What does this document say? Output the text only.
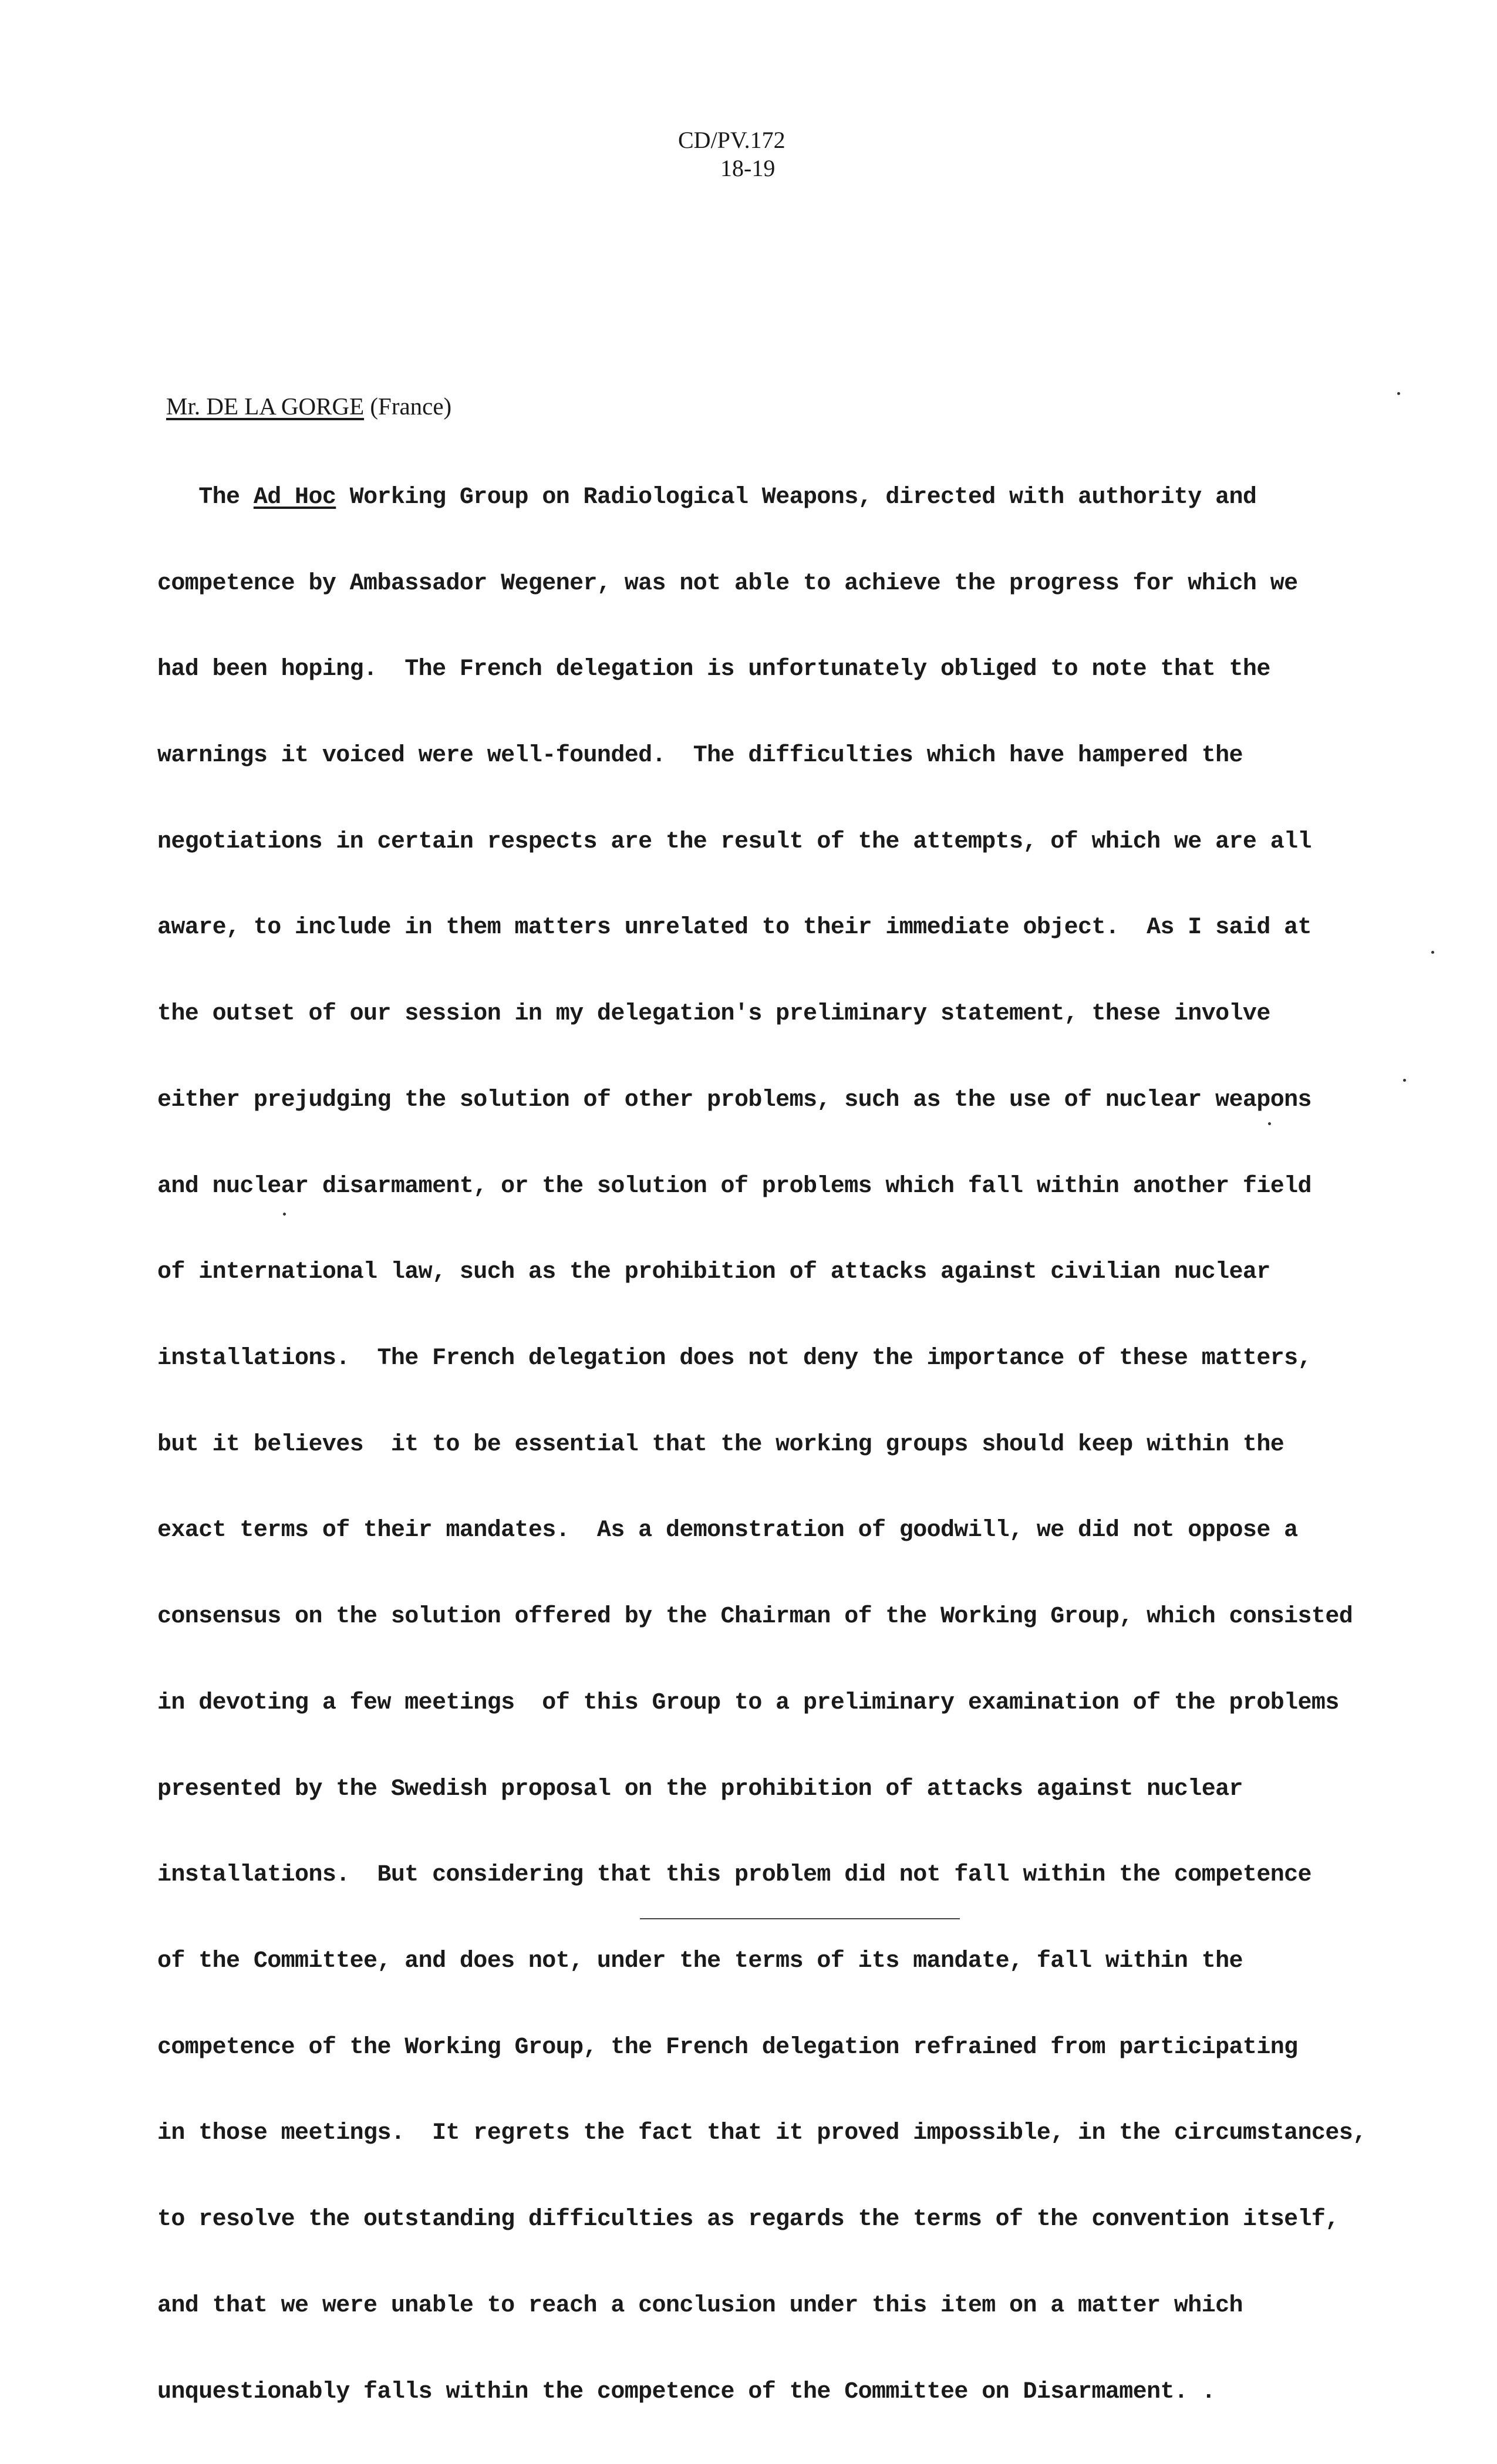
CD/PV.172
18-19
Mr. DE LA GORGE (France)

The Ad Hoc Working Group on Radiological Weapons, directed with authority and

competence by Ambassador Wegener, was not able to achieve the progress for which we

had been hoping.  The French delegation is unfortunately obliged to note that the

warnings it voiced were well-founded.  The difficulties which have hampered the

negotiations in certain respects are the result of the attempts, of which we are all

aware, to include in them matters unrelated to their immediate object.  As I said at

the outset of our session in my delegation's preliminary statement, these involve

either prejudging the solution of other problems, such as the use of nuclear weapons

and nuclear disarmament, or the solution of problems which fall within another field

of international law, such as the prohibition of attacks against civilian nuclear

installations.  The French delegation does not deny the importance of these matters,

but it believes  it to be essential that the working groups should keep within the

exact terms of their mandates.  As a demonstration of goodwill, we did not oppose a

consensus on the solution offered by the Chairman of the Working Group, which consisted

in devoting a few meetings  of this Group to a preliminary examination of the problems

presented by the Swedish proposal on the prohibition of attacks against nuclear

installations.  But considering that this problem did not fall within the competence

of the Committee, and does not, under the terms of its mandate, fall within the

competence of the Working Group, the French delegation refrained from participating

in those meetings.  It regrets the fact that it proved impossible, in the circumstances,

to resolve the outstanding difficulties as regards the terms of the convention itself,

and that we were unable to reach a conclusion under this item on a matter which

unquestionably falls within the competence of the Committee on Disarmament. .
